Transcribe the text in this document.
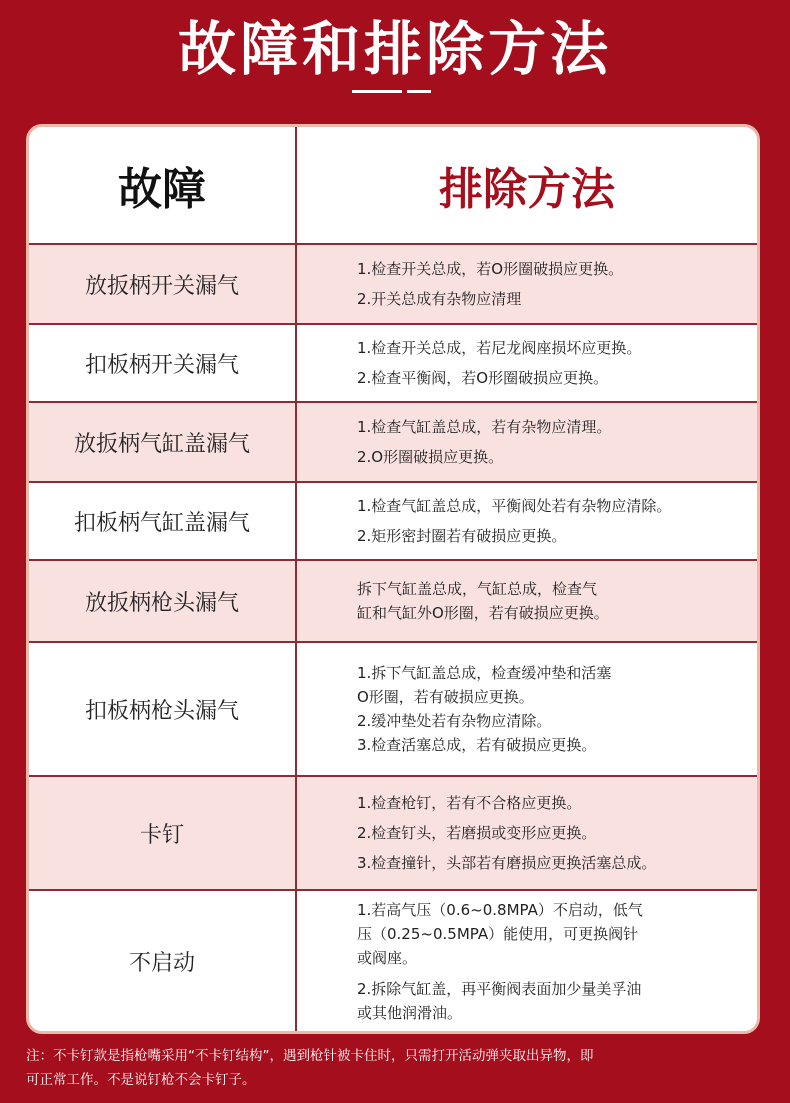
故障和排除方法
故障	排除方法
放扳柄开关漏气

1.检查开关总成，若O形圈破损应更换。

2.开关总成有杂物应清理

扣板柄开关漏气

1.检查开关总成，若尼龙阀座损坏应更换。

2.检查平衡阀，若O形圈破损应更换。

放扳柄气缸盖漏气

1.检查气缸盖总成，若有杂物应清理。

2.O形圈破损应更换。

扣板柄气缸盖漏气

1.检查气缸盖总成，平衡阀处若有杂物应清除。

2.矩形密封圈若有破损应更换。

放扳柄枪头漏气

拆下气缸盖总成，气缸总成，检查气

缸和气缸外O形圈，若有破损应更换。

扣板柄枪头漏气

1.拆下气缸盖总成，检查缓冲垫和活塞

O形圈，若有破损应更换。

2.缓冲垫处若有杂物应清除。

3.检查活塞总成，若有破损应更换。

卡钉

1.检查枪钉，若有不合格应更换。

2.检查钉头，若磨损或变形应更换。

3.检查撞针，头部若有磨损应更换活塞总成。

不启动

1.若高气压（0.6~0.8MPA）不启动，低气

压（0.25~0.5MPA）能使用，可更换阀针

或阀座。

2.拆除气缸盖，再平衡阀表面加少量美孚油

或其他润滑油。

注：不卡钉款是指枪嘴采用“不卡钉结构”，遇到枪针被卡住时，只需打开活动弹夹取出异物，即
可正常工作。不是说钉枪不会卡钉子。
